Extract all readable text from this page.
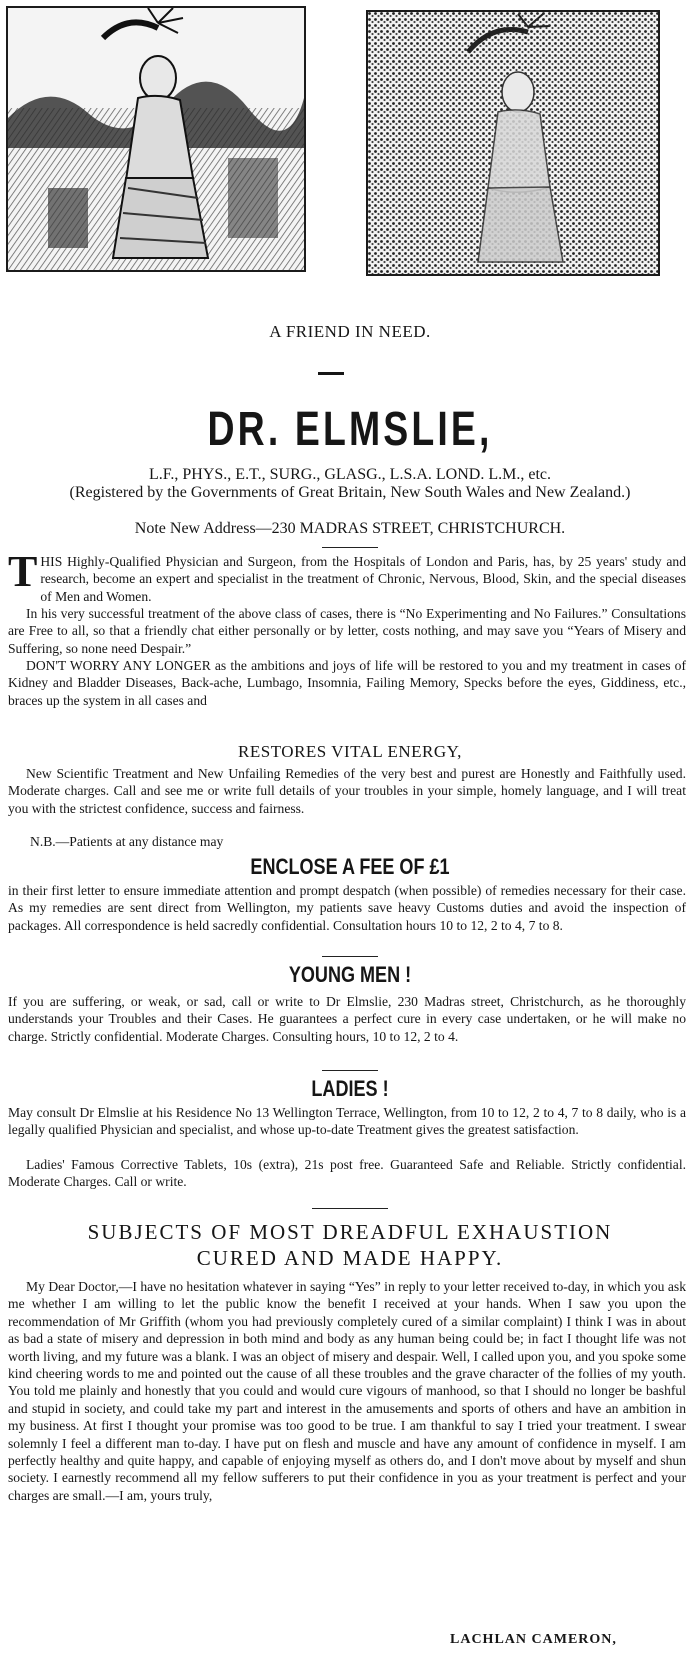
A FRIEND IN NEED.
DR. ELMSLIE,
L.F., PHYS., E.T., SURG., GLASG., L.S.A. LOND. L.M., etc.
(Registered by the Governments of Great Britain, New South Wales and New Zealand.)
Note New Address—230 MADRAS STREET, CHRISTCHURCH.
THIS Highly-Qualified Physician and Surgeon, from the Hospitals of London and Paris, has, by 25 years' study and research, become an expert and specialist in the treatment of Chronic, Nervous, Blood, Skin, and the special diseases of Men and Women.
In his very successful treatment of the above class of cases, there is “No Experimenting and No Failures.” Consultations are Free to all, so that a friendly chat either personally or by letter, costs nothing, and may save you “Years of Misery and Suffering, so none need Despair.”
DON'T WORRY ANY LONGER as the ambitions and joys of life will be restored to you and my treatment in cases of Kidney and Bladder Diseases, Back-ache, Lumbago, Insomnia, Failing Memory, Specks before the eyes, Giddiness, etc., braces up the system in all cases and
RESTORES VITAL ENERGY,
New Scientific Treatment and New Unfailing Remedies of the very best and purest are Honestly and Faithfully used. Moderate charges. Call and see me or write full details of your troubles in your simple, homely language, and I will treat you with the strictest confidence, success and fairness.
N.B.—Patients at any distance may
ENCLOSE A FEE OF £1
in their first letter to ensure immediate attention and prompt despatch (when possible) of remedies necessary for their case. As my remedies are sent direct from Wellington, my patients save heavy Customs duties and avoid the inspection of packages. All correspondence is held sacredly confidential. Consultation hours 10 to 12, 2 to 4, 7 to 8.
YOUNG MEN !
If you are suffering, or weak, or sad, call or write to Dr Elmslie, 230 Madras street, Christchurch, as he thoroughly understands your Troubles and their Cases. He guarantees a perfect cure in every case undertaken, or he will make no charge. Strictly confidential. Moderate Charges. Consulting hours, 10 to 12, 2 to 4.
LADIES !
May consult Dr Elmslie at his Residence No 13 Wellington Terrace, Wellington, from 10 to 12, 2 to 4, 7 to 8 daily, who is a legally qualified Physician and specialist, and whose up-to-date Treatment gives the greatest satisfaction.
Ladies' Famous Corrective Tablets, 10s (extra), 21s post free. Guaranteed Safe and Reliable. Strictly confidential. Moderate Charges. Call or write.
SUBJECTS OF MOST DREADFUL EXHAUSTION
CURED AND MADE HAPPY.
My Dear Doctor,—I have no hesitation whatever in saying “Yes” in reply to your letter received to-day, in which you ask me whether I am willing to let the public know the benefit I received at your hands. When I saw you upon the recommendation of Mr Griffith (whom you had previously completely cured of a similar complaint) I think I was in about as bad a state of misery and depression in both mind and body as any human being could be; in fact I thought life was not worth living, and my future was a blank. I was an object of misery and despair. Well, I called upon you, and you spoke some kind cheering words to me and pointed out the cause of all these troubles and the grave character of the follies of my youth. You told me plainly and honestly that you could and would cure vigours of manhood, so that I should no longer be bashful and stupid in society, and could take my part and interest in the amusements and sports of others and have an ambition in my business. At first I thought your promise was too good to be true. I am thankful to say I tried your treatment. I swear solemnly I feel a different man to-day. I have put on flesh and muscle and have any amount of confidence in myself. I am perfectly healthy and quite happy, and capable of enjoying myself as others do, and I don't move about by myself and shun society. I earnestly recommend all my fellow sufferers to put their confidence in you as your treatment is perfect and your charges are small.—I am, yours truly,
LACHLAN CAMERON,
